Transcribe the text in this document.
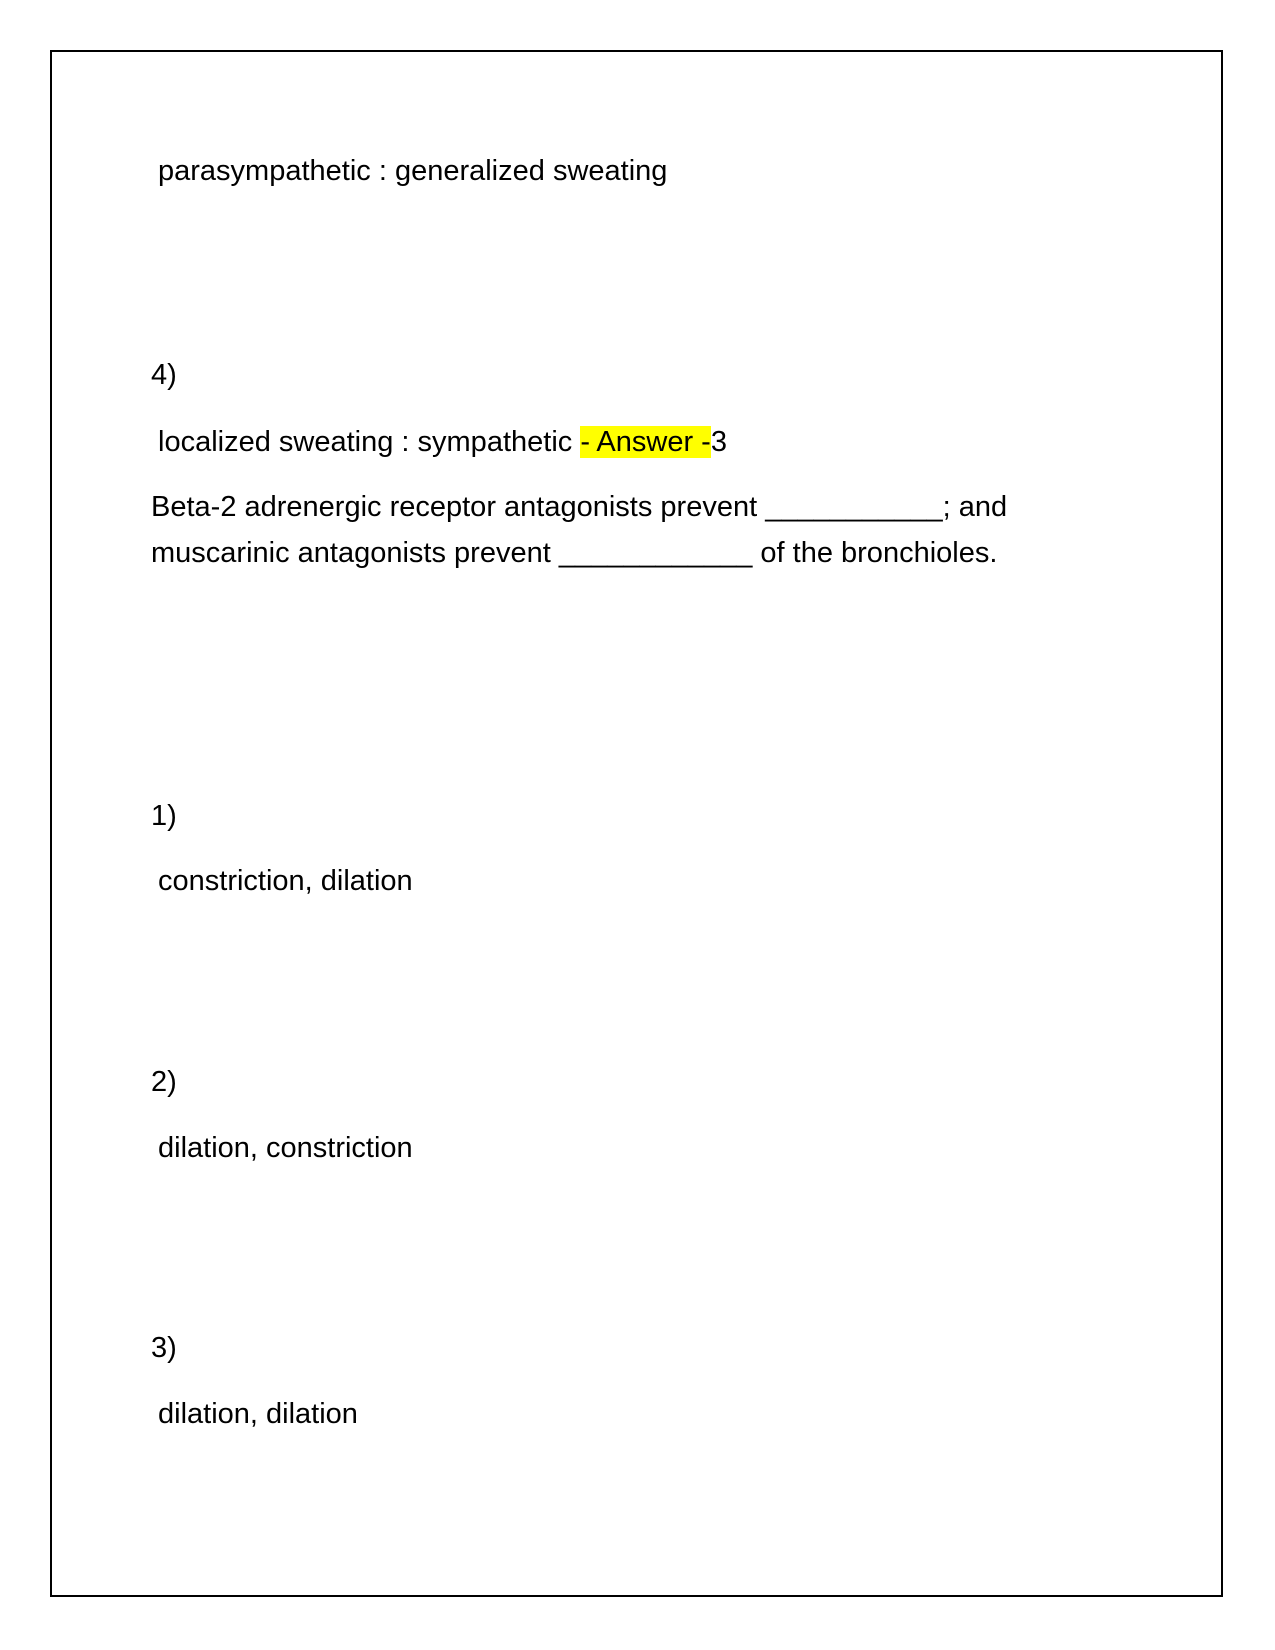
parasympathetic : generalized sweating
4)
localized sweating : sympathetic - Answer -3
Beta-2 adrenergic receptor antagonists prevent ___________; and
muscarinic antagonists prevent ____________ of the bronchioles.
1)
constriction, dilation
2)
dilation, constriction
3)
dilation, dilation
